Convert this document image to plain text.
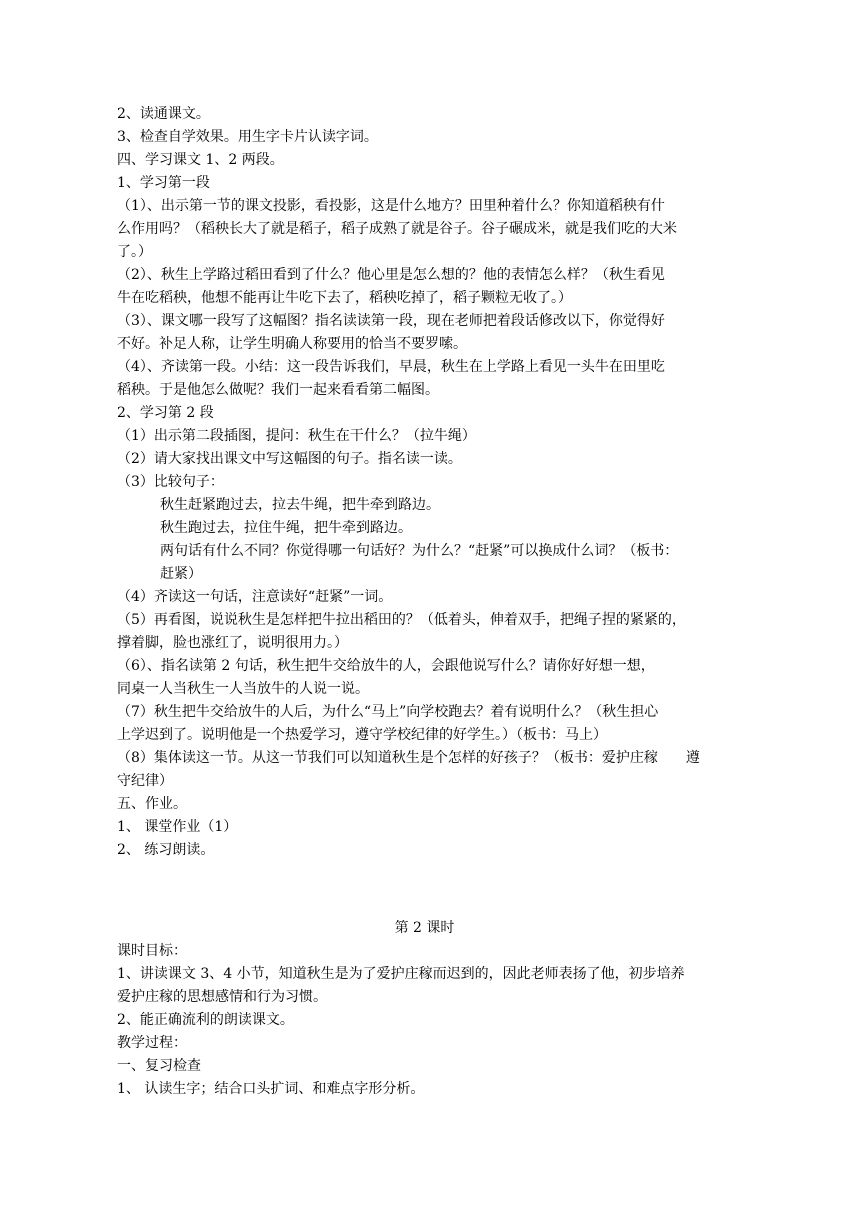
2、读通课文。
3、检查自学效果。用生字卡片认读字词。
四、学习课文 1、2 两段。
1、学习第一段
（1）、出示第一节的课文投影，看投影，这是什么地方？田里种着什么？你知道稻秧有什
么作用吗？（稻秧长大了就是稻子，稻子成熟了就是谷子。谷子碾成米，就是我们吃的大米
了。）
（2）、秋生上学路过稻田看到了什么？他心里是怎么想的？他的表情怎么样？（秋生看见
牛在吃稻秧，他想不能再让牛吃下去了，稻秧吃掉了，稻子颗粒无收了。）
（3）、课文哪一段写了这幅图？指名读读第一段，现在老师把着段话修改以下，你觉得好
不好。补足人称，让学生明确人称要用的恰当不要罗嗦。
（4）、齐读第一段。小结：这一段告诉我们，早晨，秋生在上学路上看见一头牛在田里吃
稻秧。于是他怎么做呢？我们一起来看看第二幅图。
2、学习第 2 段
（1）出示第二段插图，提问：秋生在干什么？（拉牛绳）
（2）请大家找出课文中写这幅图的句子。指名读一读。
（3）比较句子：
秋生赶紧跑过去，拉去牛绳，把牛牵到路边。
秋生跑过去，拉住牛绳，把牛牵到路边。
两句话有什么不同？你觉得哪一句话好？为什么？“赶紧”可以换成什么词？（板书：
赶紧）
（4）齐读这一句话，注意读好“赶紧”一词。
（5）再看图，说说秋生是怎样把牛拉出稻田的？（低着头，伸着双手，把绳子捏的紧紧的，
撑着脚，脸也涨红了，说明很用力。）
（6）、指名读第 2 句话，秋生把牛交给放牛的人，会跟他说写什么？请你好好想一想，
同桌一人当秋生一人当放牛的人说一说。
（7）秋生把牛交给放牛的人后，为什么“马上”向学校跑去？着有说明什么？（秋生担心
上学迟到了。说明他是一个热爱学习，遵守学校纪律的好学生。）（板书：马上）
（8）集体读这一节。从这一节我们可以知道秋生是个怎样的好孩子？（板书：爱护庄稼　　遵
守纪律）
五、作业。
1、 课堂作业（1）
2、 练习朗读。
第 2 课时
课时目标：
1、讲读课文 3、4 小节，知道秋生是为了爱护庄稼而迟到的，因此老师表扬了他，初步培养
爱护庄稼的思想感情和行为习惯。
2、能正确流利的朗读课文。
教学过程：
一、复习检查
1、 认读生字；结合口头扩词、和难点字形分析。
